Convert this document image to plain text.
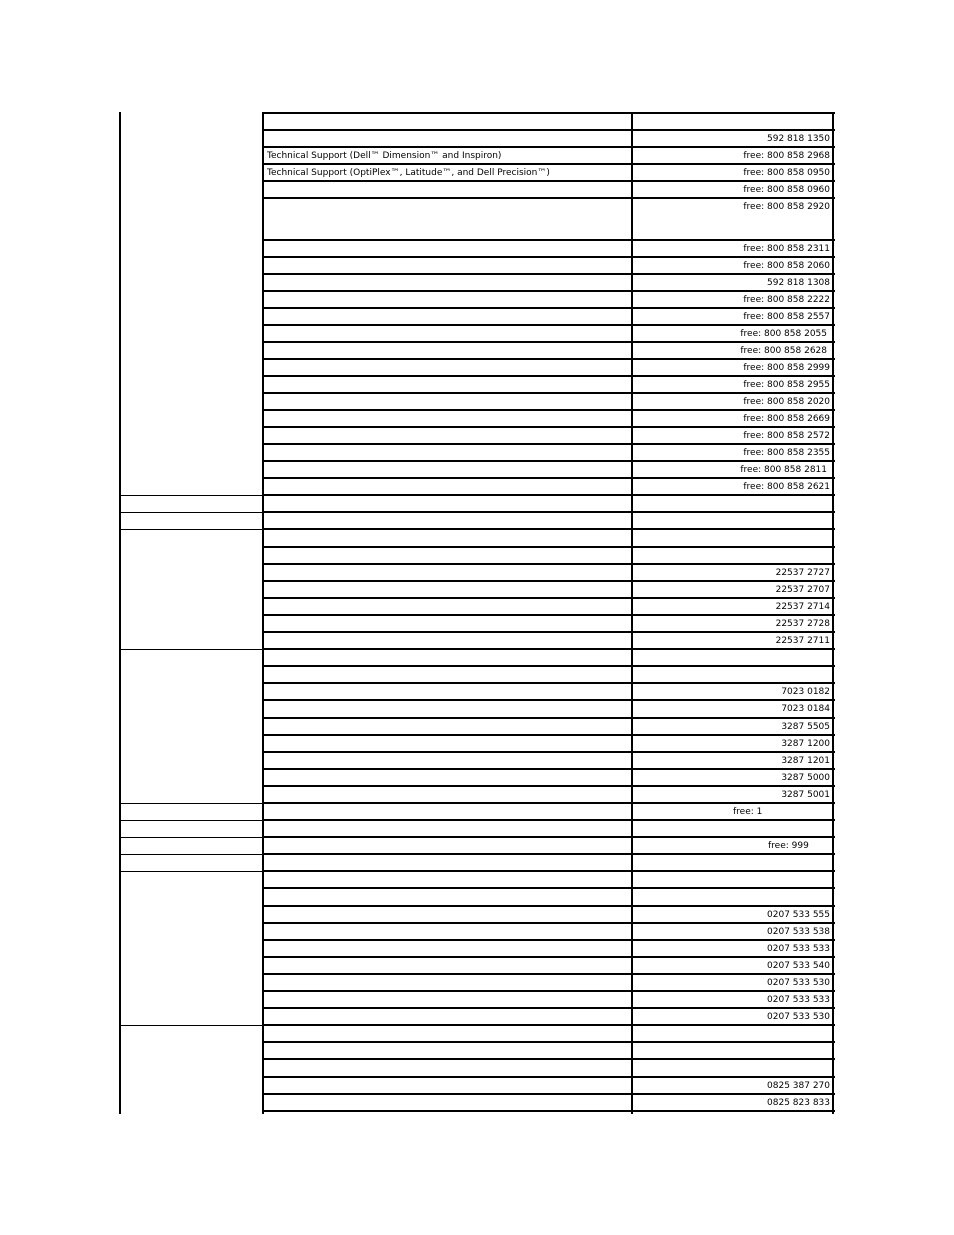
592 818 1350
Technical Support (Dell™ Dimension™ and Inspiron)	free: 800 858 2968
Technical Support (OptiPlex™, Latitude™, and Dell Precision™)	free: 800 858 0950
free: 800 858 0960
free: 800 858 2920
free: 800 858 2311
free: 800 858 2060
592 818 1308
free: 800 858 2222
free: 800 858 2557
free: 800 858 2055
free: 800 858 2628
free: 800 858 2999
free: 800 858 2955
free: 800 858 2020
free: 800 858 2669
free: 800 858 2572
free: 800 858 2355
free: 800 858 2811
free: 800 858 2621
22537 2727
22537 2707
22537 2714
22537 2728
22537 2711
7023 0182
7023 0184
3287 5505
3287 1200
3287 1201
3287 5000
3287 5001
free: 1
free: 999
0207 533 555
0207 533 538
0207 533 533
0207 533 540
0207 533 530
0207 533 533
0207 533 530
0825 387 270
0825 823 833
